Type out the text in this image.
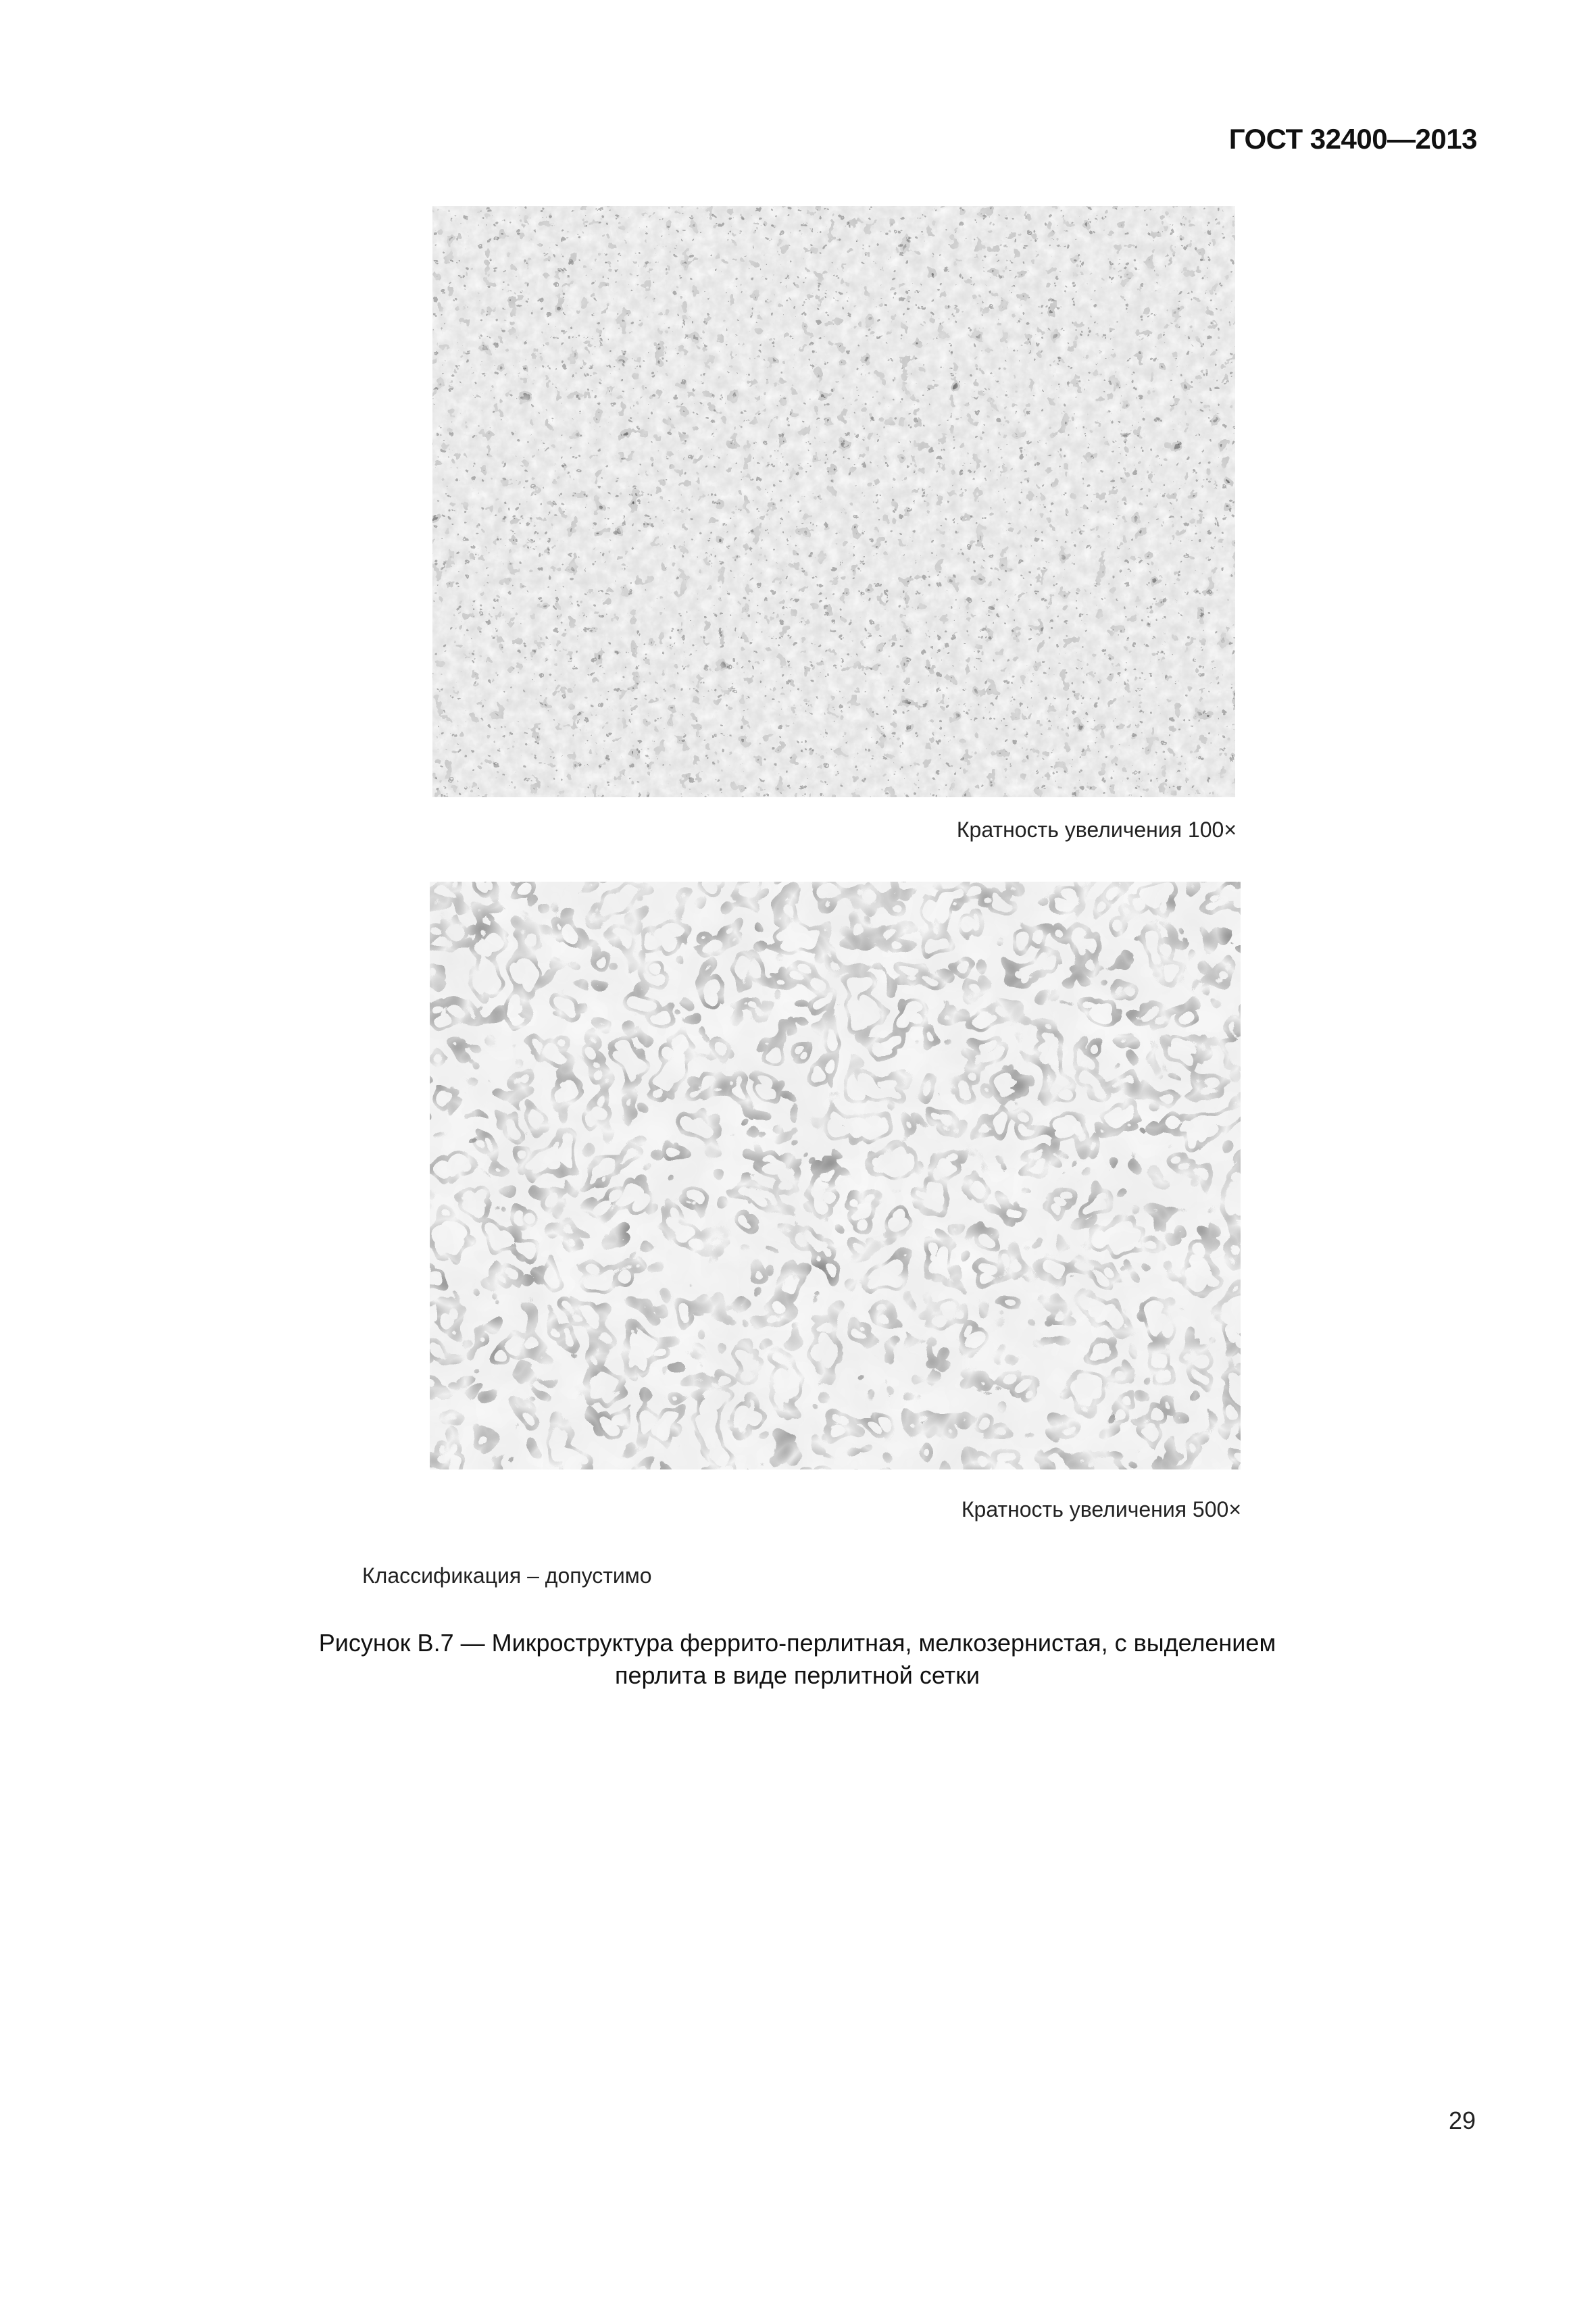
ГОСТ 32400—2013
Кратность увеличения 100×
Кратность увеличения 500×
Классификация – допустимо
Рисунок В.7 — Микроструктура феррито-перлитная, мелкозернистая, с выделением
перлита в виде перлитной сетки
29
